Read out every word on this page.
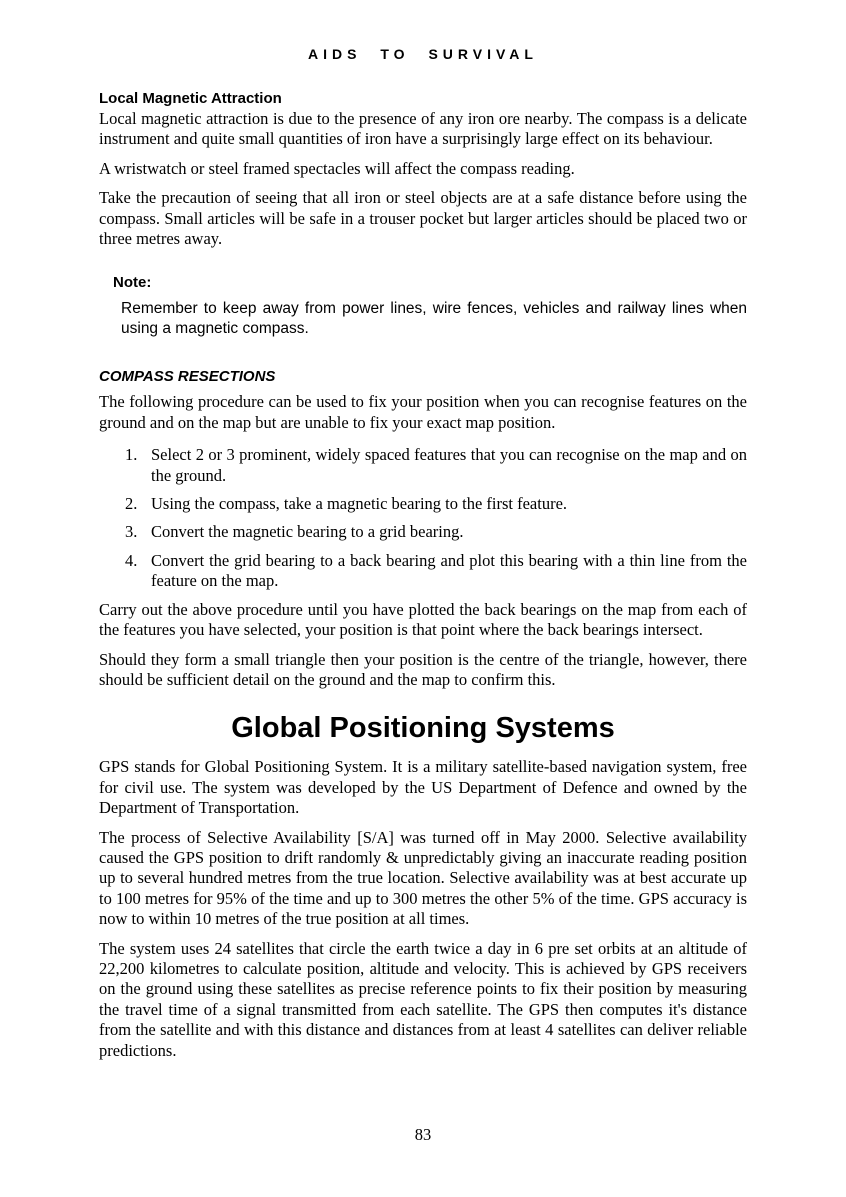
AIDS TO SURVIVAL
Local Magnetic Attraction

Local magnetic attraction is due to the presence of any iron ore nearby. The compass is a delicate instrument and quite small quantities of iron have a surprisingly large effect on its behaviour.

A wristwatch or steel framed spectacles will affect the compass reading.

Take the precaution of seeing that all iron or steel objects are at a safe distance before using the compass. Small articles will be safe in a trouser pocket but larger articles should be placed two or three metres away.

Note:
Remember to keep away from power lines, wire fences, vehicles and railway lines when using a magnetic compass.
COMPASS RESECTIONS

The following procedure can be used to fix your position when you can recognise features on the ground and on the map but are unable to fix your exact map position.

Select 2 or 3 prominent, widely spaced features that you can recognise on the map and on the ground.
Using the compass, take a magnetic bearing to the first feature.
Convert the magnetic bearing to a grid bearing.
Convert the grid bearing to a back bearing and plot this bearing with a thin line from the feature on the map.

Carry out the above procedure until you have plotted the back bearings on the map from each of the features you have selected, your position is that point where the back bearings intersect.

Should they form a small triangle then your position is the centre of the triangle, however, there should be sufficient detail on the ground and the map to confirm this.

Global Positioning Systems

GPS stands for Global Positioning System. It is a military satellite-based navigation system, free for civil use. The system was developed by the US Department of Defence and owned by the Department of Transportation.

The process of Selective Availability [S/A] was turned off in May 2000. Selective availability caused the GPS position to drift randomly & unpredictably giving an inaccurate reading position up to several hundred metres from the true location. Selective availability was at best accurate up to 100 metres for 95% of the time and up to 300 metres the other 5% of the time. GPS accuracy is now to within 10 metres of the true position at all times.

The system uses 24 satellites that circle the earth twice a day in 6 pre set orbits at an altitude of 22,200 kilometres to calculate position, altitude and velocity. This is achieved by GPS receivers on the ground using these satellites as precise reference points to fix their position by measuring the travel time of a signal transmitted from each satellite. The GPS then computes it's distance from the satellite and with this distance and distances from at least 4 satellites can deliver reliable predictions.

83
